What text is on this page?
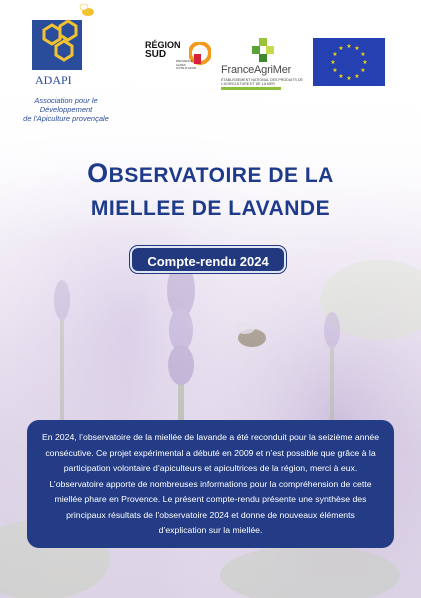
ADAPI
Association pour le Développement
de l'Apiculture provençale
RÉGION
SUD
PROVENCE
ALPES
CÔTE D'AZUR FranceAgriMer
ÉTABLISSEMENT NATIONAL DES PRODUITS DE L'AGRICULTURE ET DE LA MER
★ ★
★
★
★
★
★
★
★
★
★
★
OBSERVATOIRE DE LA
MIELLEE DE LAVANDE
Compte-rendu 2024
En 2024, l’observatoire de la miellée de lavande a été reconduit pour la seizième année consécutive. Ce projet expérimental a débuté en 2009 et n’est possible que grâce à la participation volontaire d’apiculteurs et apicultrices de la région, merci à eux. L’observatoire apporte de nombreuses informations pour la compréhension de cette miellée phare en Provence. Le présent compte-rendu présente une synthèse des principaux résultats de l’observatoire 2024 et donne de nouveaux éléments d’explication sur la miellée.
